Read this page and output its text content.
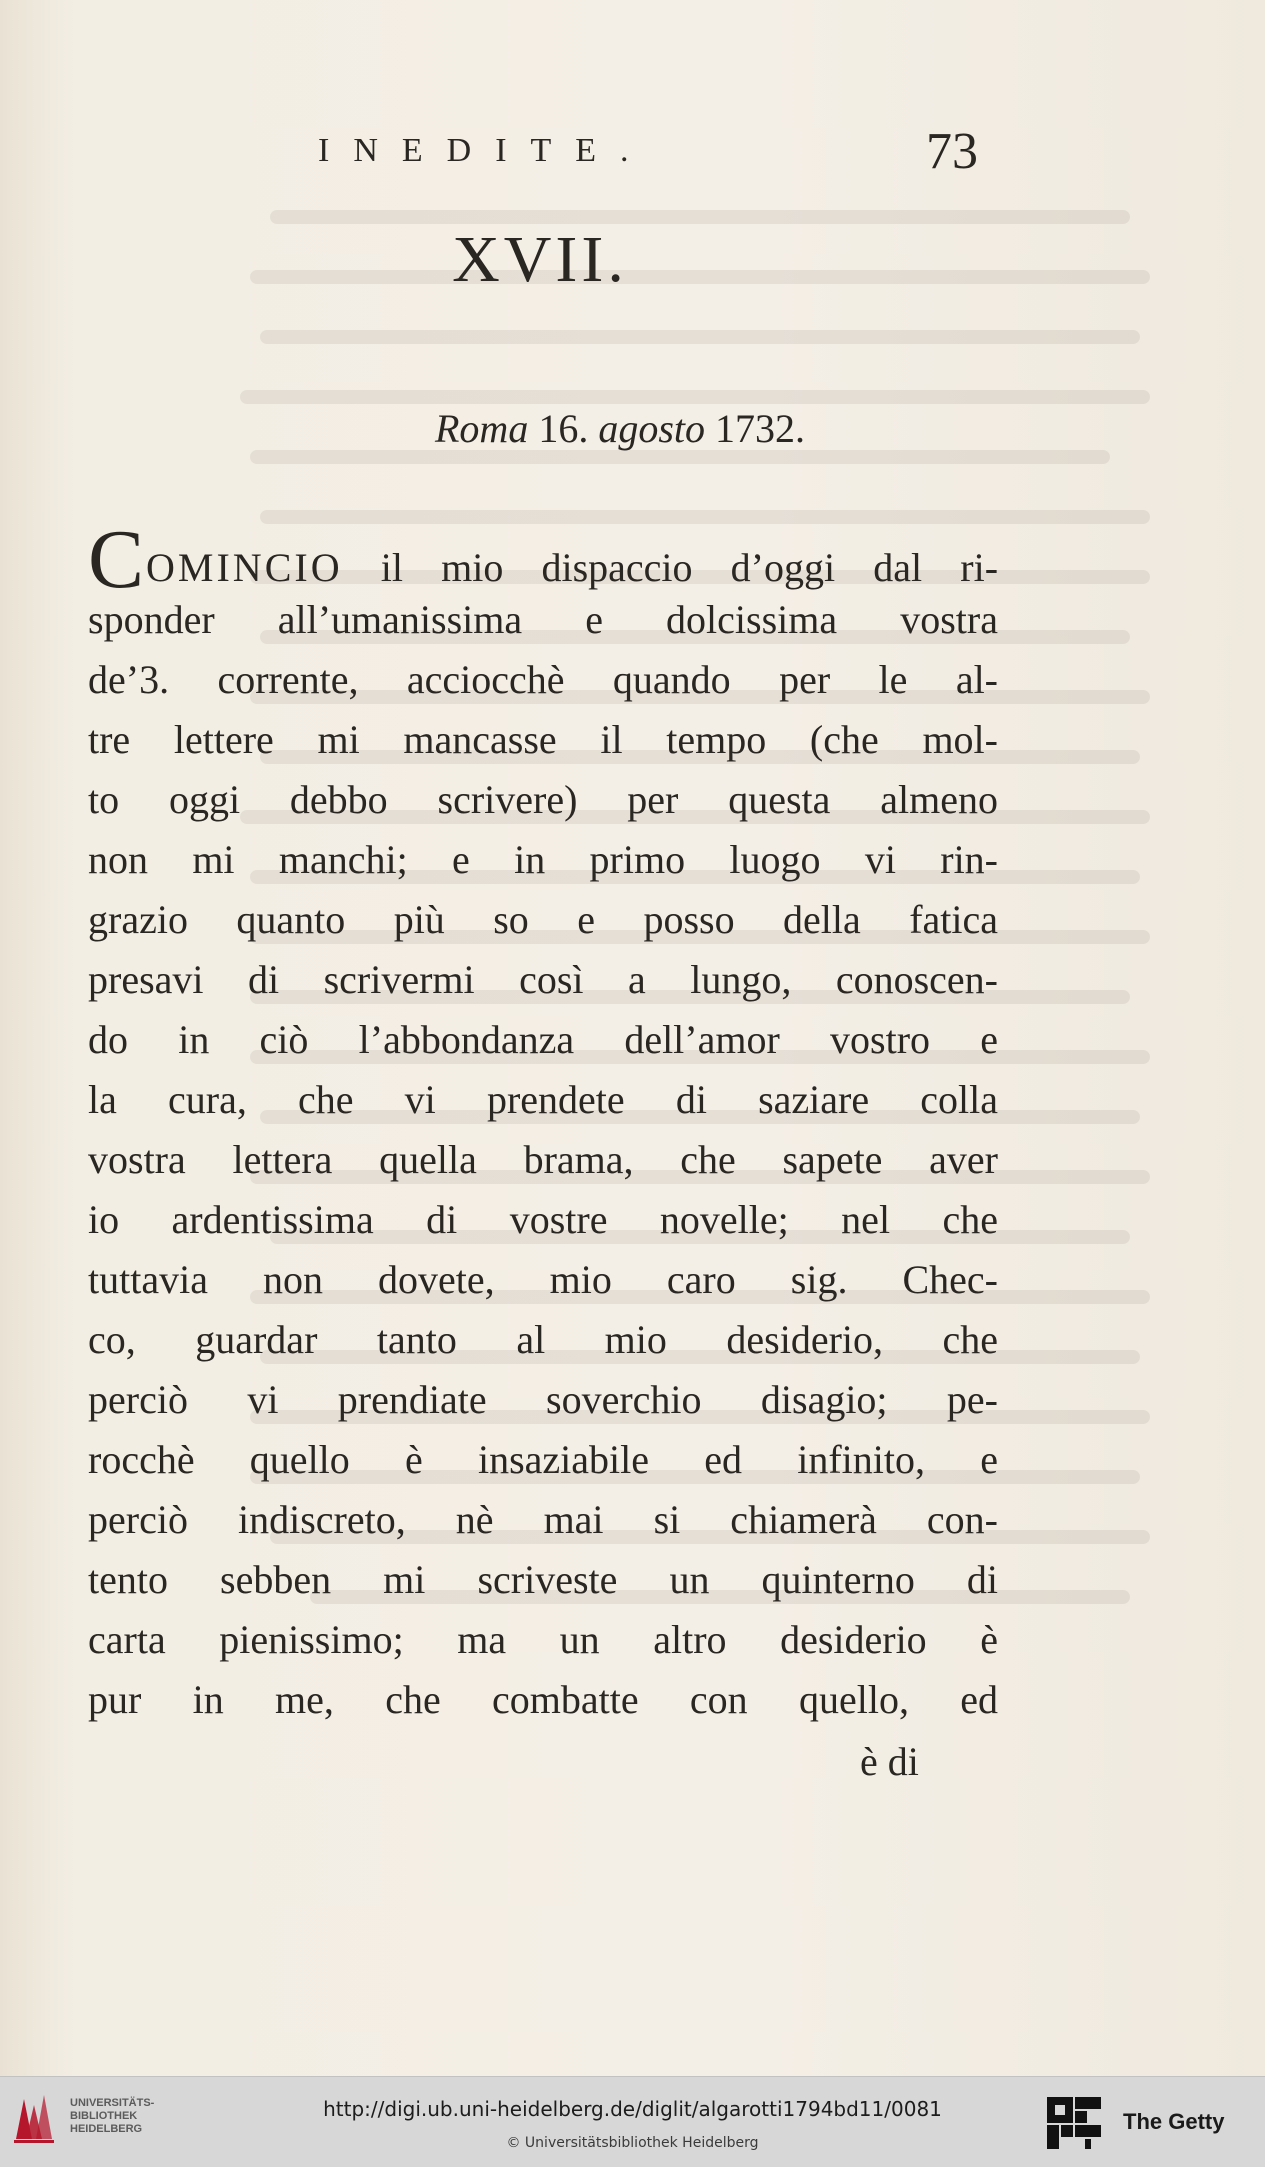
INEDITE.	73
XVII.
Roma 16. agosto 1732.
COMINCIO il mio dispaccio d’oggi dal ri-
sponder all’umanissima e dolcissima vostra
de’3. corrente, acciocchè quando per le al-
tre lettere mi mancasse il tempo (che mol-
to oggi debbo scrivere) per questa almeno
non mi manchi; e in primo luogo vi rin-
grazio quanto più so e posso della fatica
presavi di scrivermi così a lungo, conoscen-
do in ciò l’abbondanza dell’amor vostro e
la cura, che vi prendete di saziare colla
vostra lettera quella brama, che sapete aver
io ardentissima di vostre novelle; nel che
tuttavia non dovete, mio caro sig. Chec-
co, guardar tanto al mio desiderio, che
perciò vi prendiate soverchio disagio; pe-
rocchè quello è insaziabile ed infinito, e
perciò indiscreto, nè mai si chiamerà con-
tento sebben mi scriveste un quinterno di
carta pienissimo; ma un altro desiderio è
pur in me, che combatte con quello, ed
è di
UNIVERSITÄTS-
BIBLIOTHEK
HEIDELBERG
http://digi.ub.uni-heidelberg.de/diglit/algarotti1794bd11/0081
© Universitätsbibliothek Heidelberg
The Getty
